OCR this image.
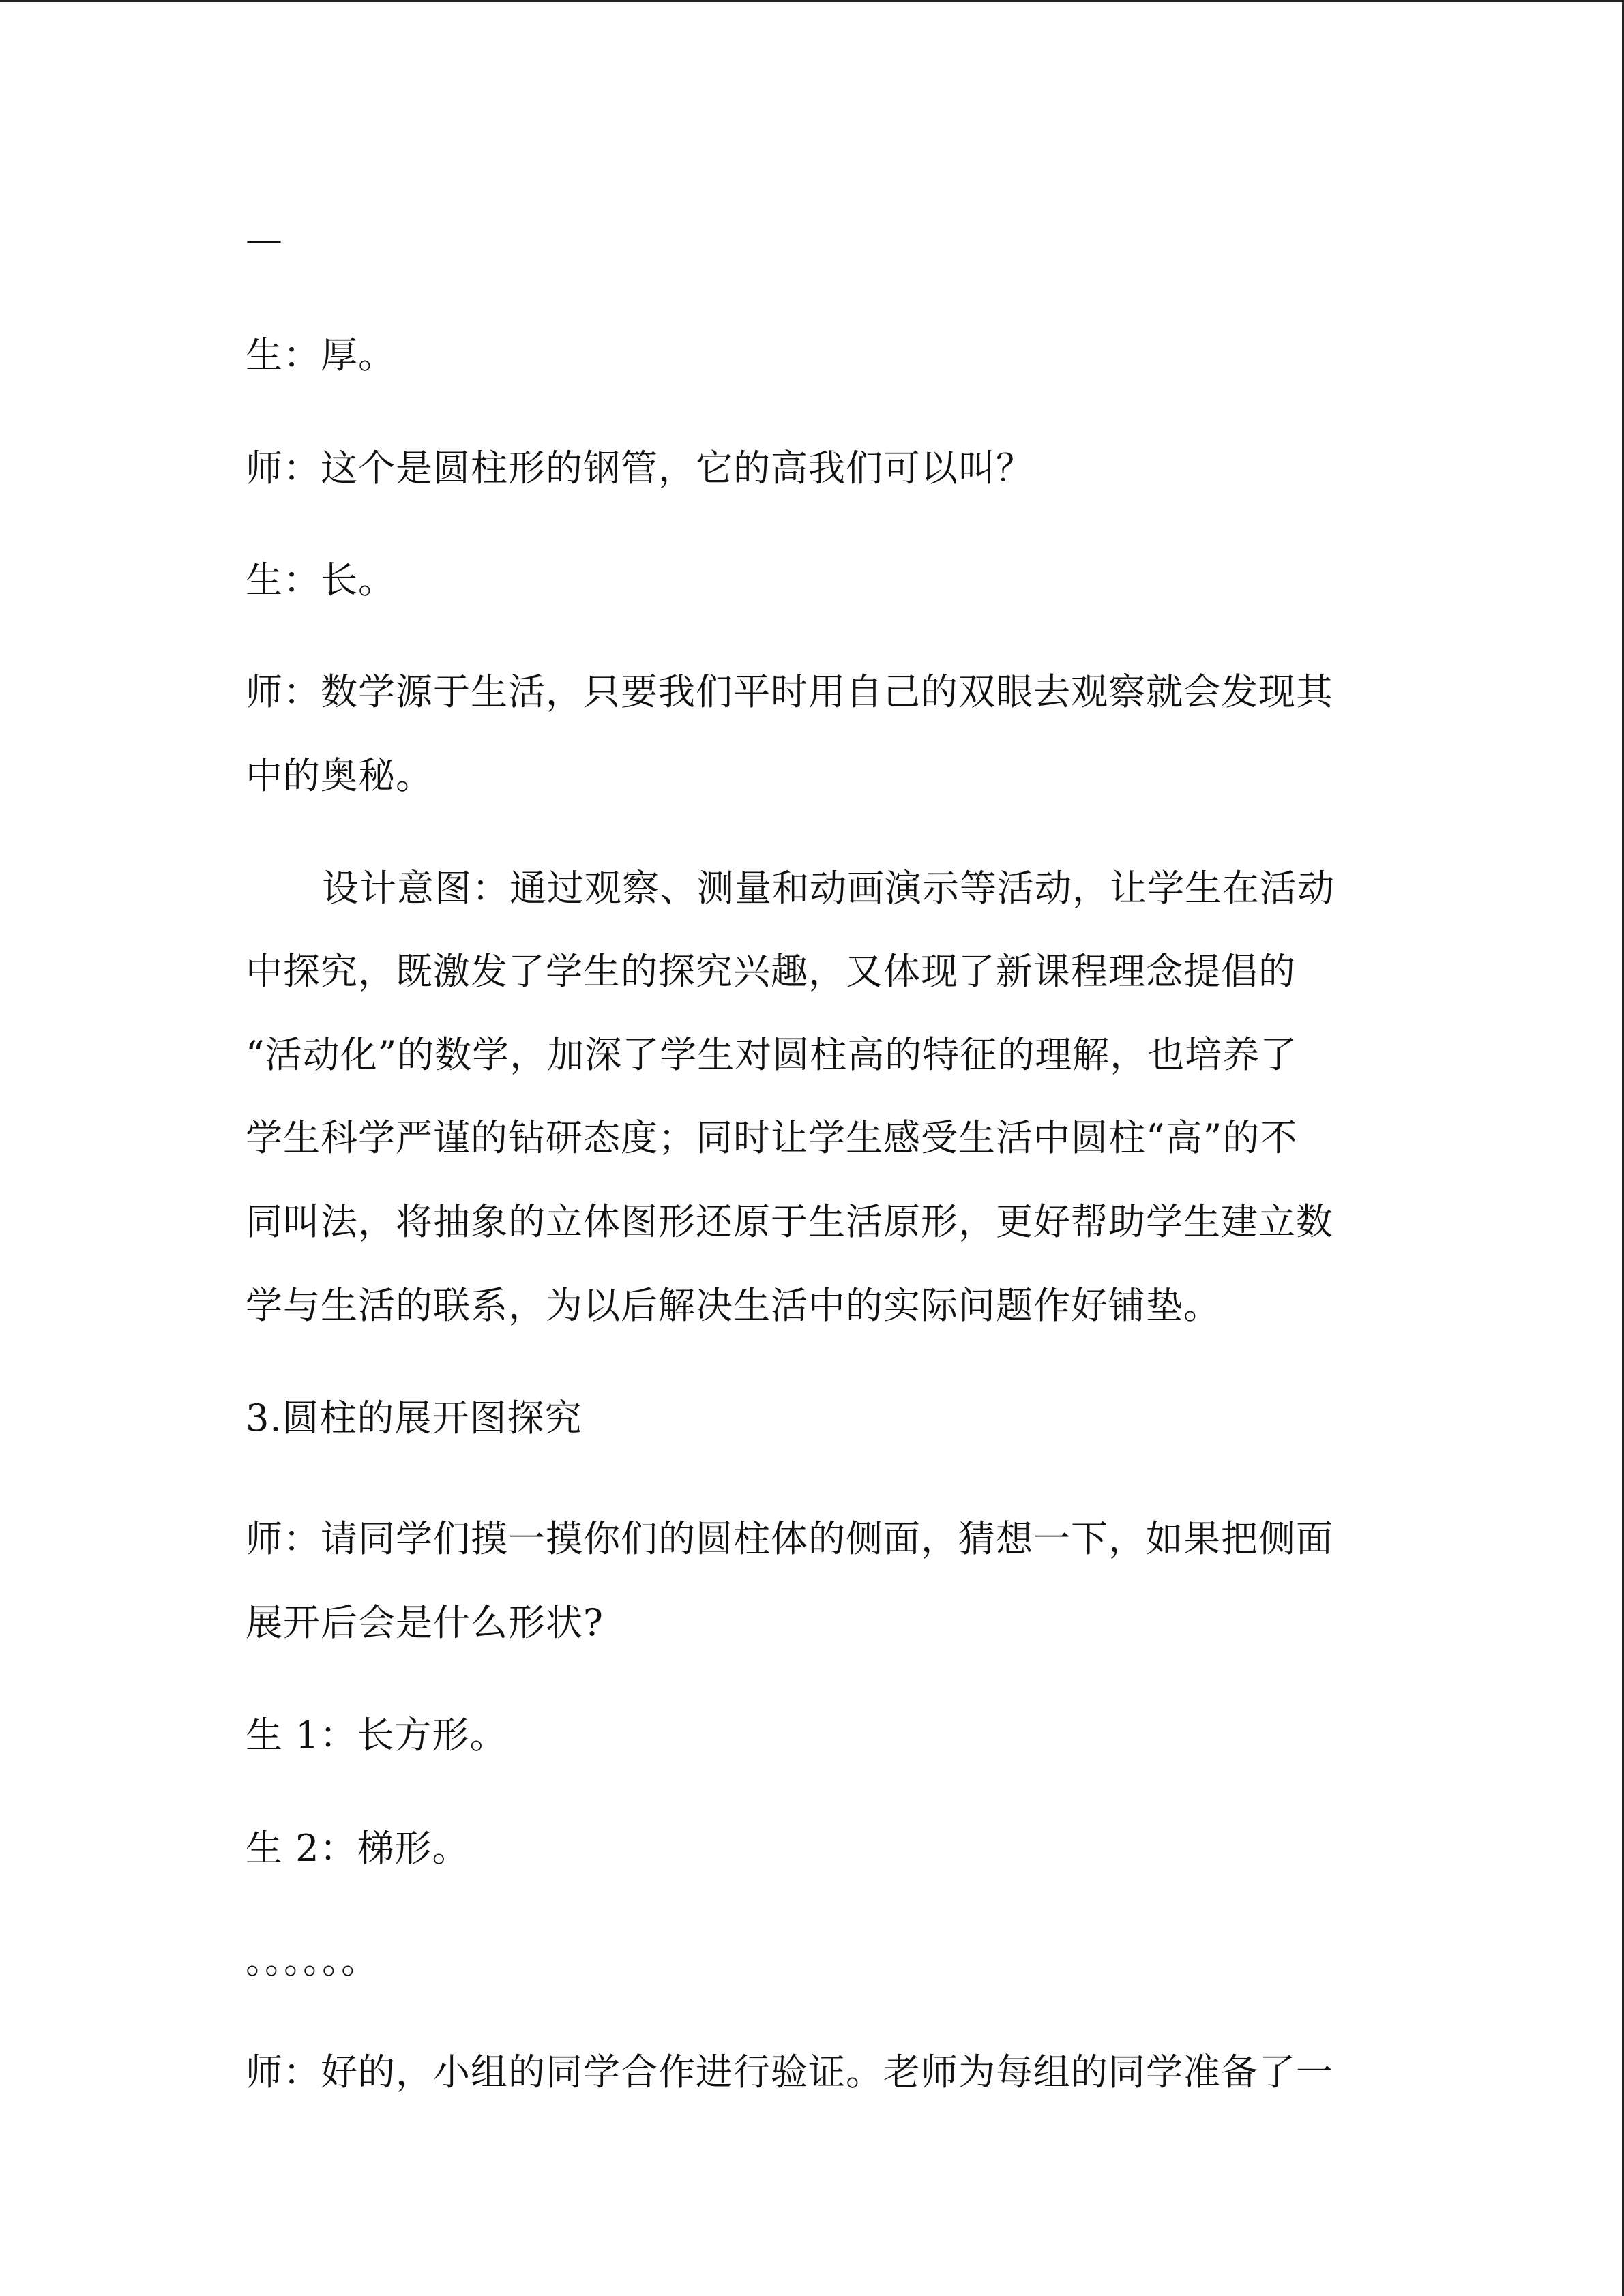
—
生：厚。
师：这个是圆柱形的钢管，它的高我们可以叫？
生：长。
师：数学源于生活，只要我们平时用自己的双眼去观察就会发现其
中的奥秘。
设计意图：通过观察、测量和动画演示等活动，让学生在活动
中探究，既激发了学生的探究兴趣，又体现了新课程理念提倡的
“活动化”的数学，加深了学生对圆柱高的特征的理解，也培养了
学生科学严谨的钻研态度；同时让学生感受生活中圆柱“高”的不
同叫法，将抽象的立体图形还原于生活原形，更好帮助学生建立数
学与生活的联系，为以后解决生活中的实际问题作好铺垫。
3.圆柱的展开图探究
师：请同学们摸一摸你们的圆柱体的侧面，猜想一下，如果把侧面
展开后会是什么形状?
生 1：长方形。
生 2：梯形。
。。。。。。
师：好的，小组的同学合作进行验证。老师为每组的同学准备了一
